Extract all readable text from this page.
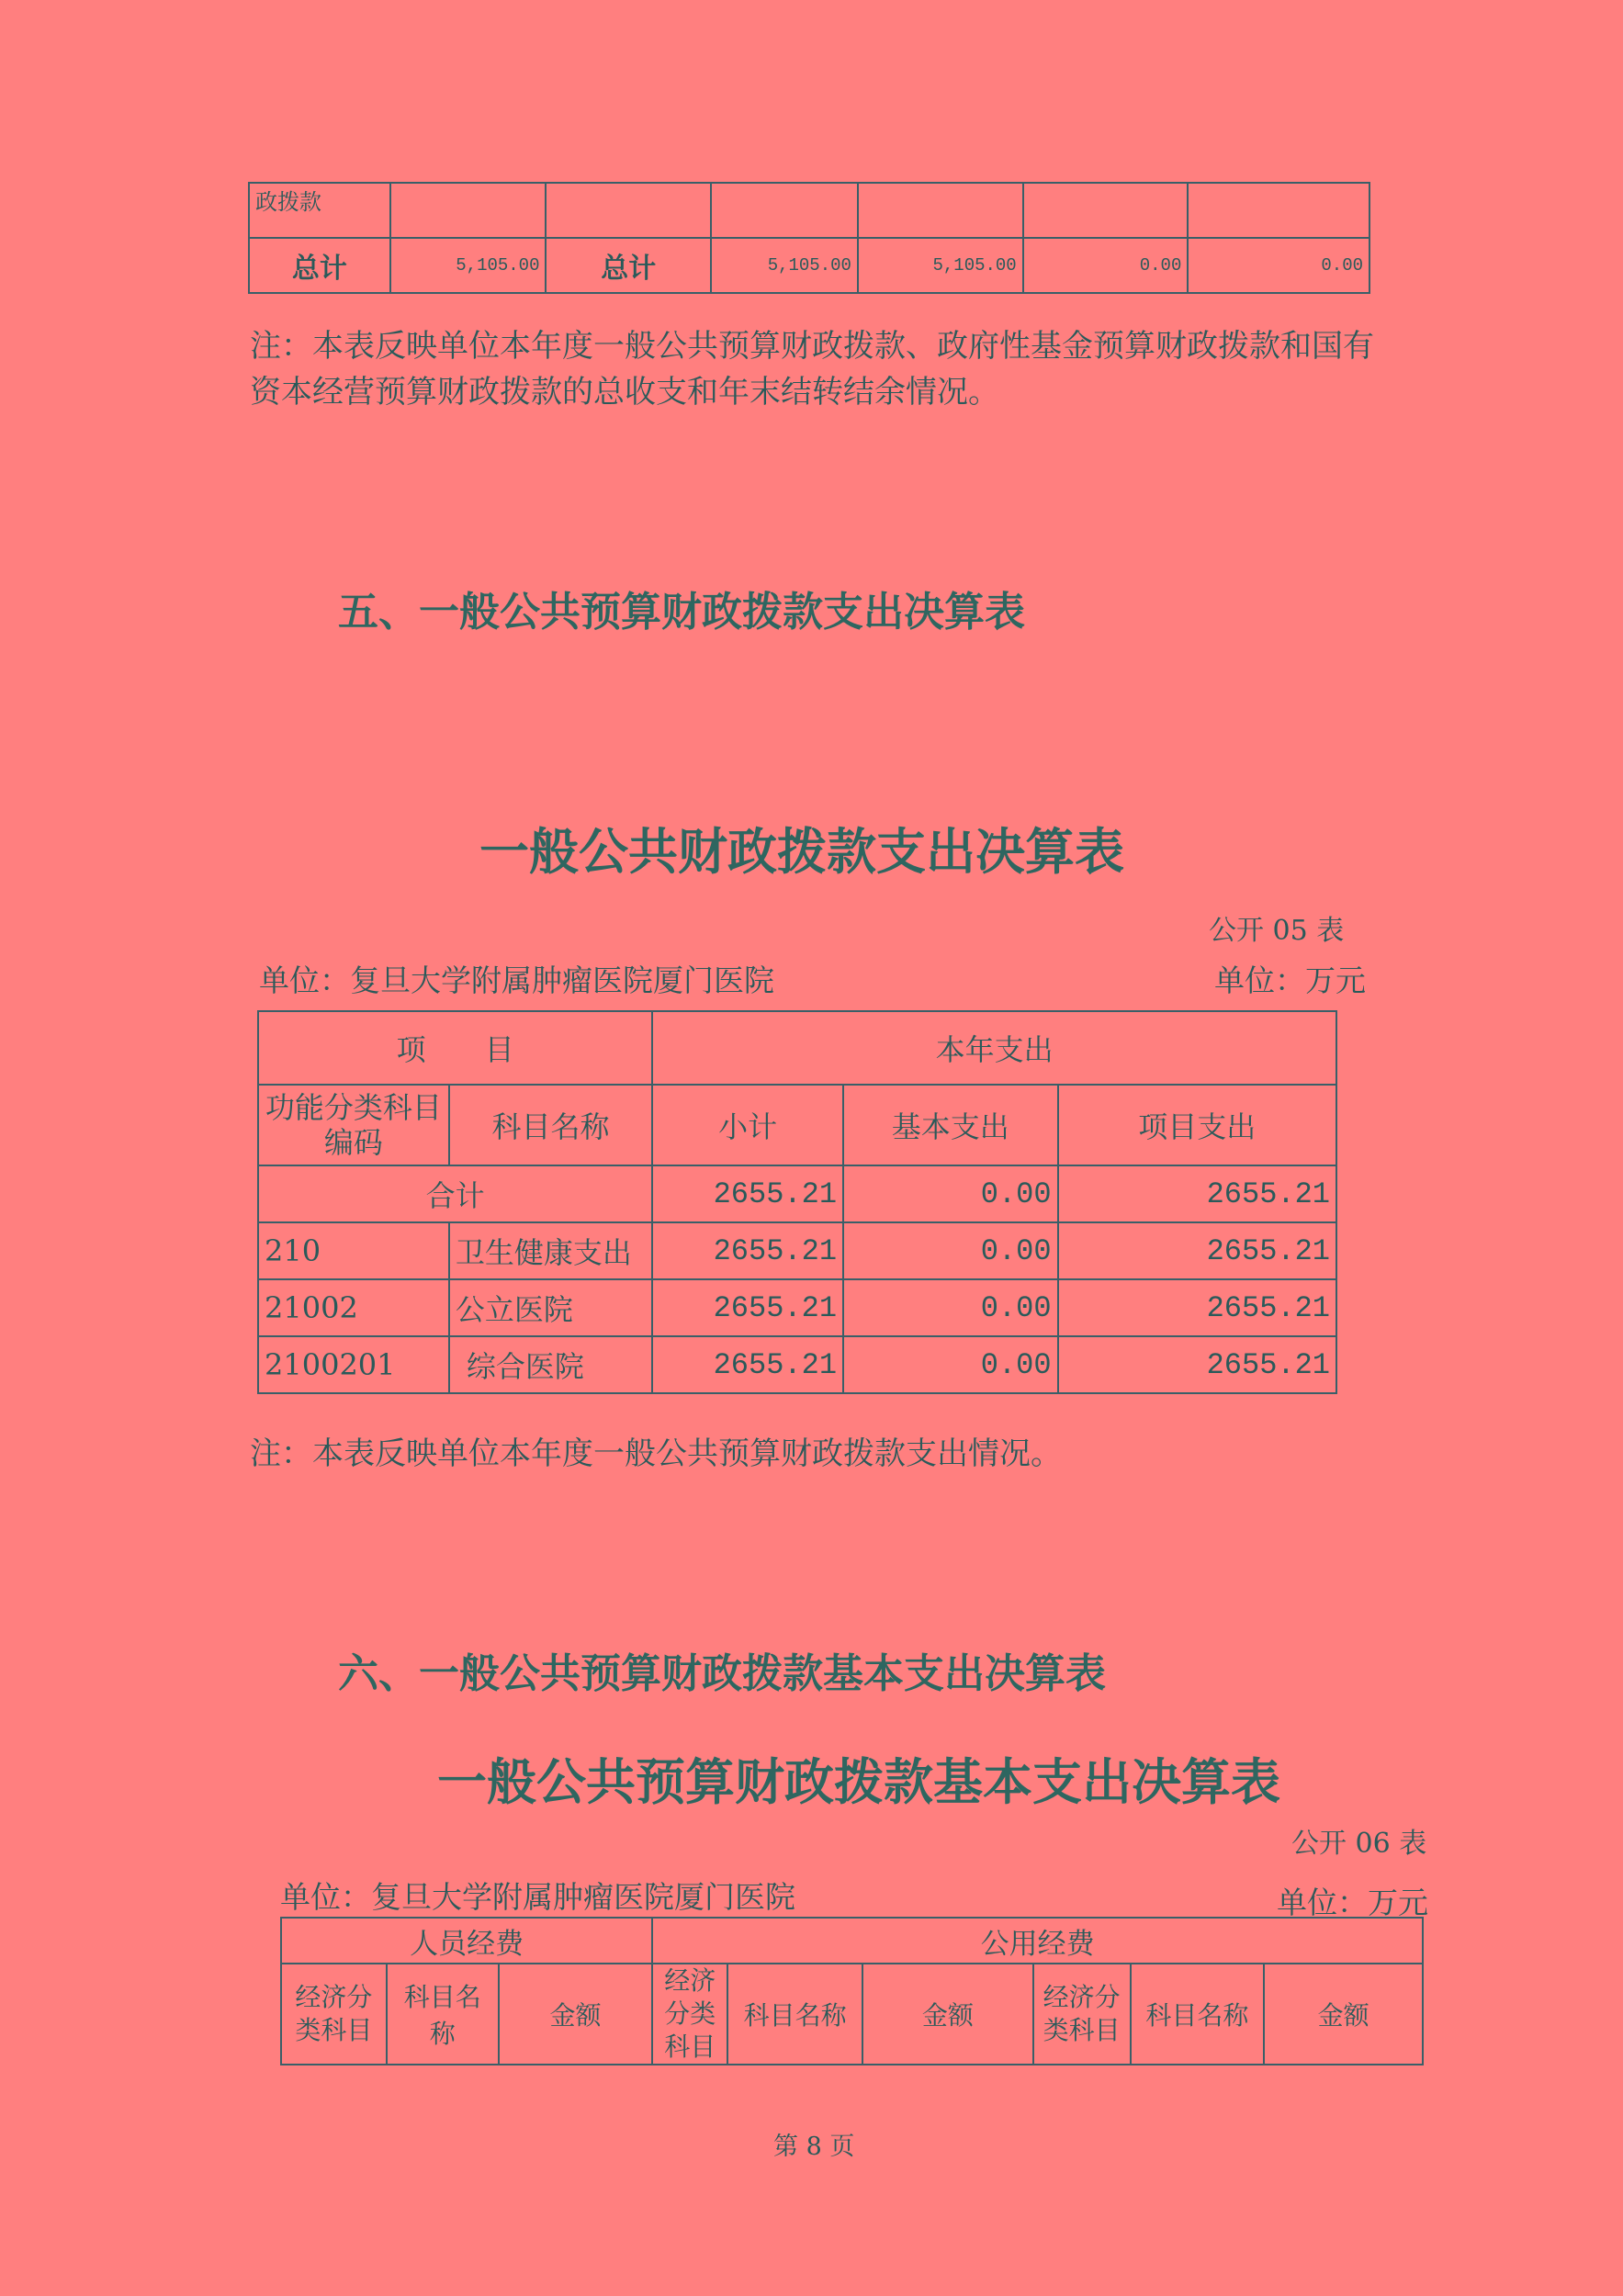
政拨款						
总计	5,105.00	总计	5,105.00	5,105.00	0.00	0.00
注：本表反映单位本年度一般公共预算财政拨款、政府性基金预算财政拨款和国有资本经营预算财政拨款的总收支和年末结转结余情况。
五、一般公共预算财政拨款支出决算表
一般公共财政拨款支出决算表
公开 05 表
单位：复旦大学附属肿瘤医院厦门医院	单位：万元
项　　目		本年支出		
功能分类科目编码	科目名称	小计	基本支出	项目支出
合计		2655.21	0.00	2655.21
210	卫生健康支出	2655.21	0.00	2655.21
21002	公立医院	2655.21	0.00	2655.21
2100201	综合医院	2655.21	0.00	2655.21
注：本表反映单位本年度一般公共预算财政拨款支出情况。
六、一般公共预算财政拨款基本支出决算表
一般公共预算财政拨款基本支出决算表
公开 06 表
单位：复旦大学附属肿瘤医院厦门医院	单位：万元
人员经费			公用经费					
经济分类科目	科目名称	金额	经济分类科目	科目名称	金额	经济分类科目	科目名称	金额
第 8 页
